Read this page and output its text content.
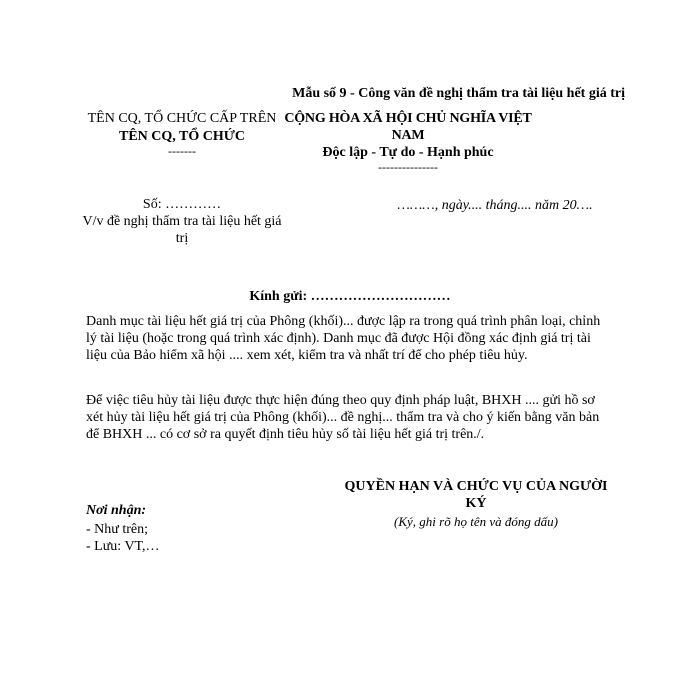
Mẫu số 9 - Công văn đề nghị thẩm tra tài liệu hết giá trị
TÊN CQ, TỔ CHỨC CẤP TRÊN
TÊN CQ, TỔ CHỨC
-------
CỘNG HÒA XÃ HỘI CHỦ NGHĨA VIỆT NAM
Độc lập - Tự do - Hạnh phúc
---------------
Số: …………
V/v đề nghị thẩm tra tài liệu hết giá trị
………, ngày.... tháng.... năm 20….
Kính gửi: …………………………
Danh mục tài liệu hết giá trị của Phông (khối)... được lập ra trong quá trình phân loại, chỉnh lý tài liệu (hoặc trong quá trình xác định). Danh mục đã được Hội đồng xác định giá trị tài liệu của Bảo hiểm xã hội .... xem xét, kiểm tra và nhất trí để cho phép tiêu hủy.
Để việc tiêu hủy tài liệu được thực hiện đúng theo quy định pháp luật, BHXH .... gửi hồ sơ xét hủy tài liệu hết giá trị của Phông (khối)... đề nghị... thẩm tra và cho ý kiến bằng văn bản để BHXH ... có cơ sở ra quyết định tiêu hủy số tài liệu hết giá trị trên./.
QUYỀN HẠN VÀ CHỨC VỤ CỦA NGƯỜI KÝ
(Ký, ghi rõ họ tên và đóng dấu)
Nơi nhận:
- Như trên;
- Lưu: VT,…
